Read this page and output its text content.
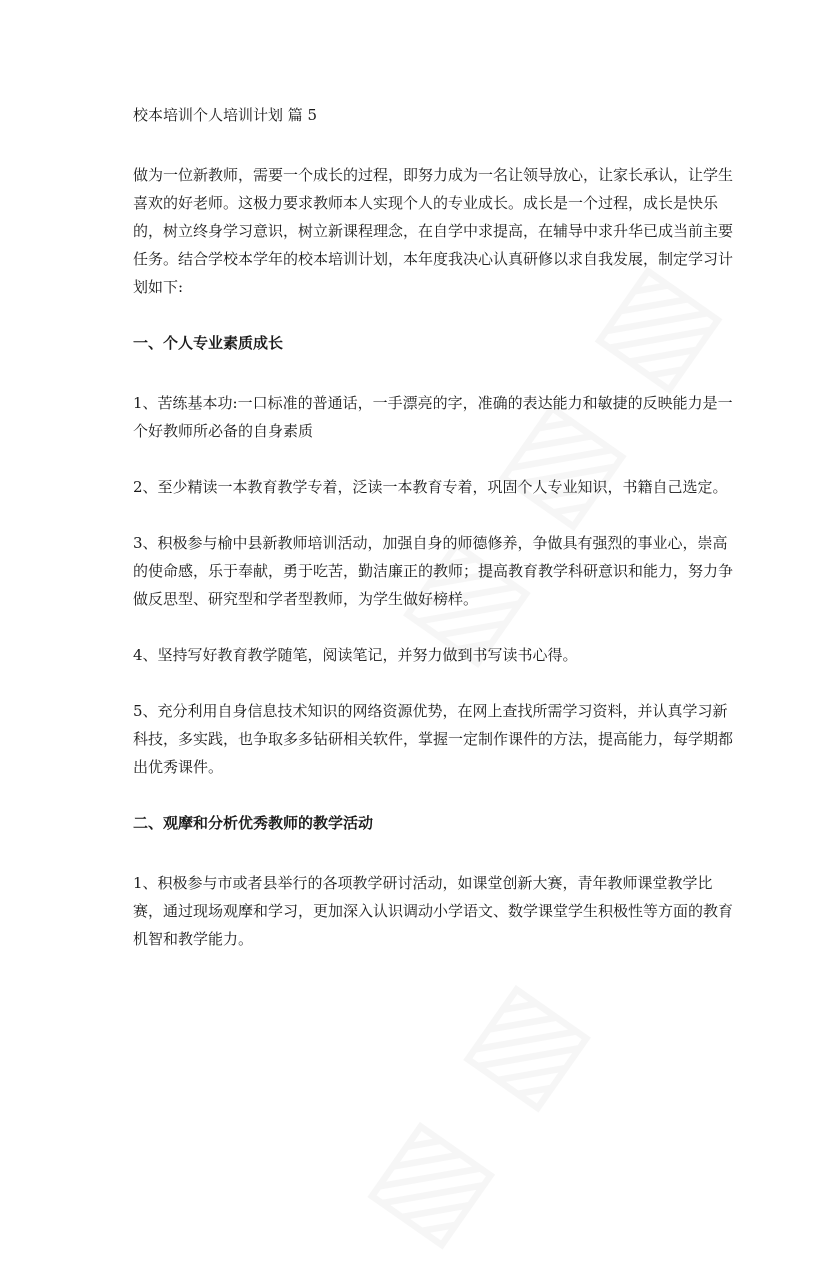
校本培训个人培训计划 篇 5

做为一位新教师，需要一个成长的过程，即努力成为一名让领导放心，让家长承认，让学生喜欢的好老师。这极力要求教师本人实现个人的专业成长。成长是一个过程，成长是快乐的，树立终身学习意识，树立新课程理念，在自学中求提高，在辅导中求升华已成当前主要任务。结合学校本学年的校本培训计划，本年度我决心认真研修以求自我发展，制定学习计划如下:

一、个人专业素质成长

1、苦练基本功:一口标准的普通话，一手漂亮的字，准确的表达能力和敏捷的反映能力是一个好教师所必备的自身素质

2、至少精读一本教育教学专着，泛读一本教育专着，巩固个人专业知识，书籍自己选定。

3、积极参与榆中县新教师培训活动，加强自身的师德修养，争做具有强烈的事业心，崇高的使命感，乐于奉献，勇于吃苦，勤洁廉正的教师；提高教育教学科研意识和能力，努力争做反思型、研究型和学者型教师，为学生做好榜样。

4、坚持写好教育教学随笔，阅读笔记，并努力做到书写读书心得。

5、充分利用自身信息技术知识的网络资源优势，在网上查找所需学习资料，并认真学习新科技，多实践，也争取多多钻研相关软件，掌握一定制作课件的方法，提高能力，每学期都出优秀课件。

二、观摩和分析优秀教师的教学活动

1、积极参与市或者县举行的各项教学研讨活动，如课堂创新大赛，青年教师课堂教学比赛，通过现场观摩和学习，更加深入认识调动小学语文、数学课堂学生积极性等方面的教育机智和教学能力。
